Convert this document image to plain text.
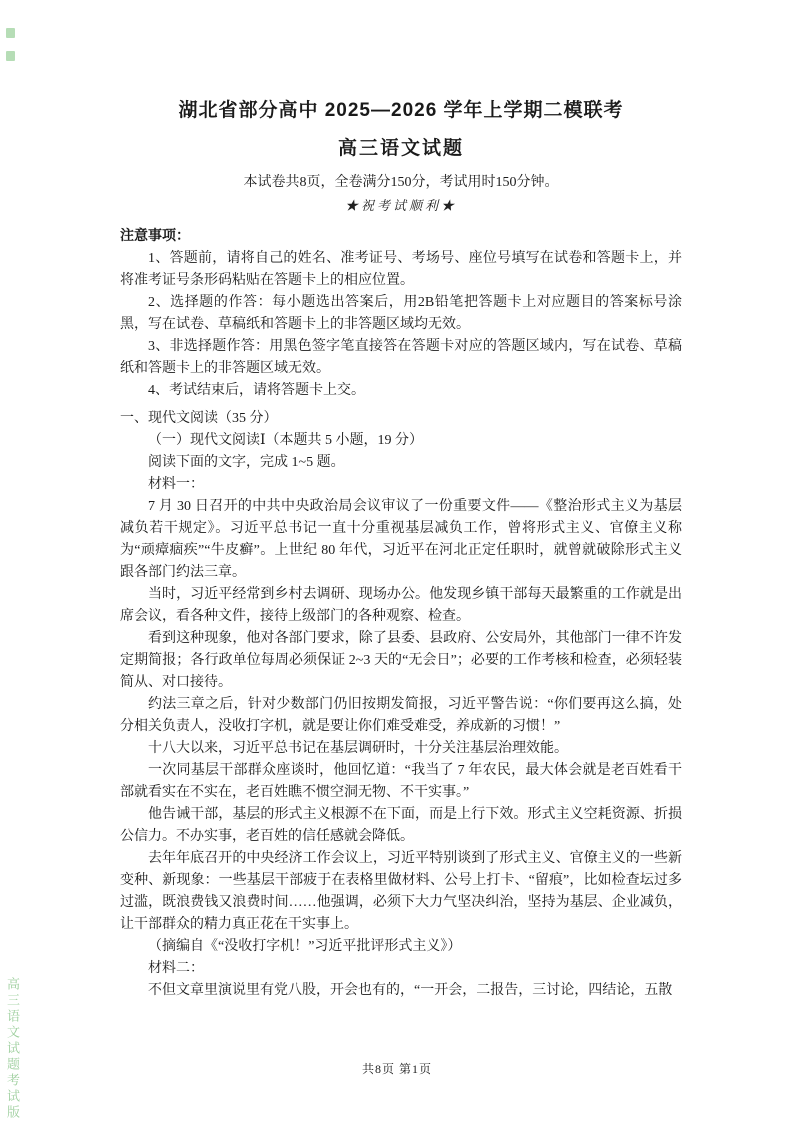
高三语文试题考试版
湖北省部分高中 2025—2026 学年上学期二模联考
高三语文试题

本试卷共8页，全卷满分150分，考试用时150分钟。

★祝考试顺利★

注意事项：

1、答题前，请将自己的姓名、准考证号、考场号、座位号填写在试卷和答题卡上，并将准考证号条形码粘贴在答题卡上的相应位置。

2、选择题的作答：每小题选出答案后，用2B铅笔把答题卡上对应题目的答案标号涂黑，写在试卷、草稿纸和答题卡上的非答题区域均无效。

3、非选择题作答：用黑色签字笔直接答在答题卡对应的答题区域内，写在试卷、草稿纸和答题卡上的非答题区域无效。

4、考试结束后，请将答题卡上交。

一、现代文阅读（35 分）

（一）现代文阅读Ⅰ（本题共 5 小题，19 分）

阅读下面的文字，完成 1~5 题。

材料一：

7 月 30 日召开的中共中央政治局会议审议了一份重要文件——《整治形式主义为基层减负若干规定》。习近平总书记一直十分重视基层减负工作，曾将形式主义、官僚主义称为“顽瘴痼疾”“牛皮癣”。上世纪 80 年代，习近平在河北正定任职时，就曾就破除形式主义跟各部门约法三章。

当时，习近平经常到乡村去调研、现场办公。他发现乡镇干部每天最繁重的工作就是出席会议，看各种文件，接待上级部门的各种观察、检查。

看到这种现象，他对各部门要求，除了县委、县政府、公安局外，其他部门一律不许发定期简报；各行政单位每周必须保证 2~3 天的“无会日”；必要的工作考核和检查，必须轻装简从、对口接待。

约法三章之后，针对少数部门仍旧按期发简报，习近平警告说：“你们要再这么搞，处分相关负责人，没收打字机，就是要让你们难受难受，养成新的习惯！”

十八大以来，习近平总书记在基层调研时，十分关注基层治理效能。

一次同基层干部群众座谈时，他回忆道：“我当了 7 年农民，最大体会就是老百姓看干部就看实在不实在，老百姓瞧不惯空洞无物、不干实事。”

他告诫干部，基层的形式主义根源不在下面，而是上行下效。形式主义空耗资源、折损公信力。不办实事，老百姓的信任感就会降低。

去年年底召开的中央经济工作会议上，习近平特别谈到了形式主义、官僚主义的一些新变种、新现象：一些基层干部疲于在表格里做材料、公号上打卡、“留痕”，比如检查坛过多过滥，既浪费钱又浪费时间……他强调，必须下大力气坚决纠治，坚持为基层、企业减负，让干部群众的精力真正花在干实事上。

（摘编自《“没收打字机！”习近平批评形式主义》）

材料二：

不但文章里演说里有党八股，开会也有的，“一开会，二报告，三讨论，四结论，五散

共8页 第1页
